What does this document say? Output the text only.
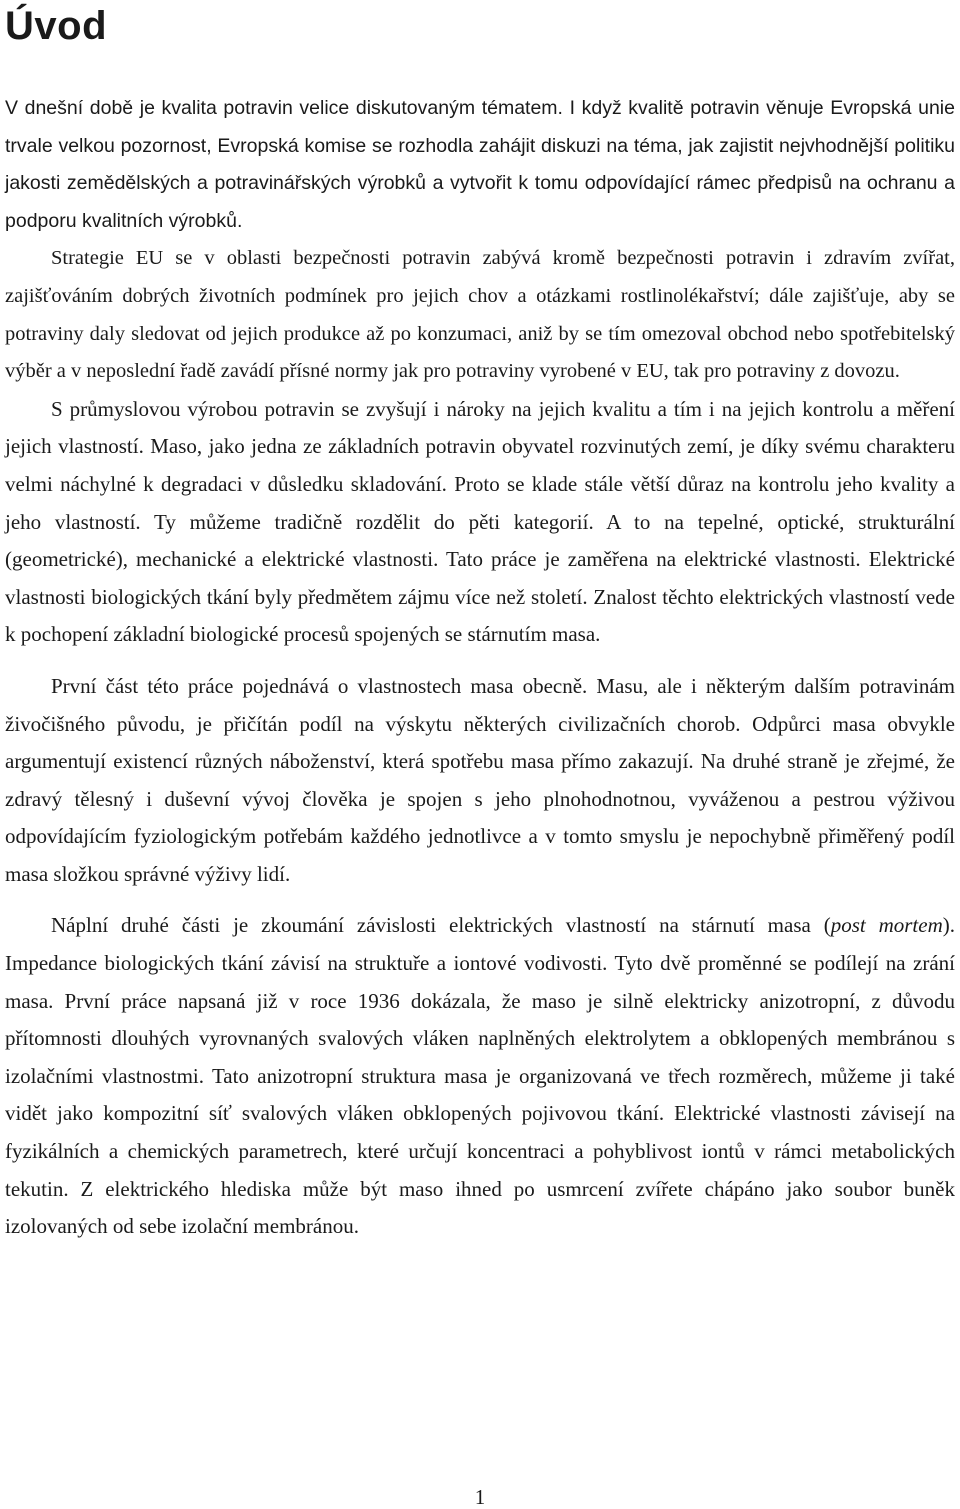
Úvod

V dnešní době je kvalita potravin velice diskutovaným tématem. I když kvalitě potravin věnuje Evropská unie trvale velkou pozornost, Evropská komise se rozhodla zahájit diskuzi na téma, jak zajistit nejvhodnější politiku jakosti zemědělských a potravinářských výrobků a vytvořit k tomu odpovídající rámec předpisů na ochranu a podporu kvalitních výrobků.

Strategie EU se v oblasti bezpečnosti potravin zabývá kromě bezpečnosti potravin i zdravím zvířat, zajišťováním dobrých životních podmínek pro jejich chov a otázkami rostlinolékařství; dále zajišťuje, aby se potraviny daly sledovat od jejich produkce až po konzumaci, aniž by se tím omezoval obchod nebo spotřebitelský výběr a v neposlední řadě zavádí přísné normy jak pro potraviny vyrobené v EU, tak pro potraviny z dovozu.

S průmyslovou výrobou potravin se zvyšují i nároky na jejich kvalitu a tím i na jejich kontrolu a měření jejich vlastností. Maso, jako jedna ze základních potravin obyvatel rozvinutých zemí, je díky svému charakteru velmi náchylné k degradaci v důsledku skladování. Proto se klade stále větší důraz na kontrolu jeho kvality a jeho vlastností. Ty můžeme tradičně rozdělit do pěti kategorií. A to na tepelné, optické, strukturální (geometrické), mechanické a elektrické vlastnosti. Tato práce je zaměřena na elektrické vlastnosti. Elektrické vlastnosti biologických tkání byly předmětem zájmu více než století. Znalost těchto elektrických vlastností vede k pochopení základní biologické procesů spojených se stárnutím masa.

První část této práce pojednává o vlastnostech masa obecně. Masu, ale i některým dalším potravinám živočišného původu, je přičítán podíl na výskytu některých civilizačních chorob. Odpůrci masa obvykle argumentují existencí různých náboženství, která spotřebu masa přímo zakazují. Na druhé straně je zřejmé, že zdravý tělesný i duševní vývoj člověka je spojen s jeho plnohodnotnou, vyváženou a pestrou výživou odpovídajícím fyziologickým potřebám každého jednotlivce a v tomto smyslu je nepochybně přiměřený podíl masa složkou správné výživy lidí.

Náplní druhé části je zkoumání závislosti elektrických vlastností na stárnutí masa (post mortem). Impedance biologických tkání závisí na struktuře a iontové vodivosti. Tyto dvě proměnné se podílejí na zrání masa. První práce napsaná již v roce 1936 dokázala, že maso je silně elektricky anizotropní, z důvodu přítomnosti dlouhých vyrovnaných svalových vláken naplněných elektrolytem a obklopených membránou s izolačními vlastnostmi. Tato anizotropní struktura masa je organizovaná ve třech rozměrech, můžeme ji také vidět jako kompozitní síť svalových vláken obklopených pojivovou tkání. Elektrické vlastnosti závisejí na fyzikálních a chemických parametrech, které určují koncentraci a pohyblivost iontů v rámci metabolických tekutin. Z elektrického hlediska může být maso ihned po usmrcení zvířete chápáno jako soubor buněk izolovaných od sebe izolační membránou.

1
